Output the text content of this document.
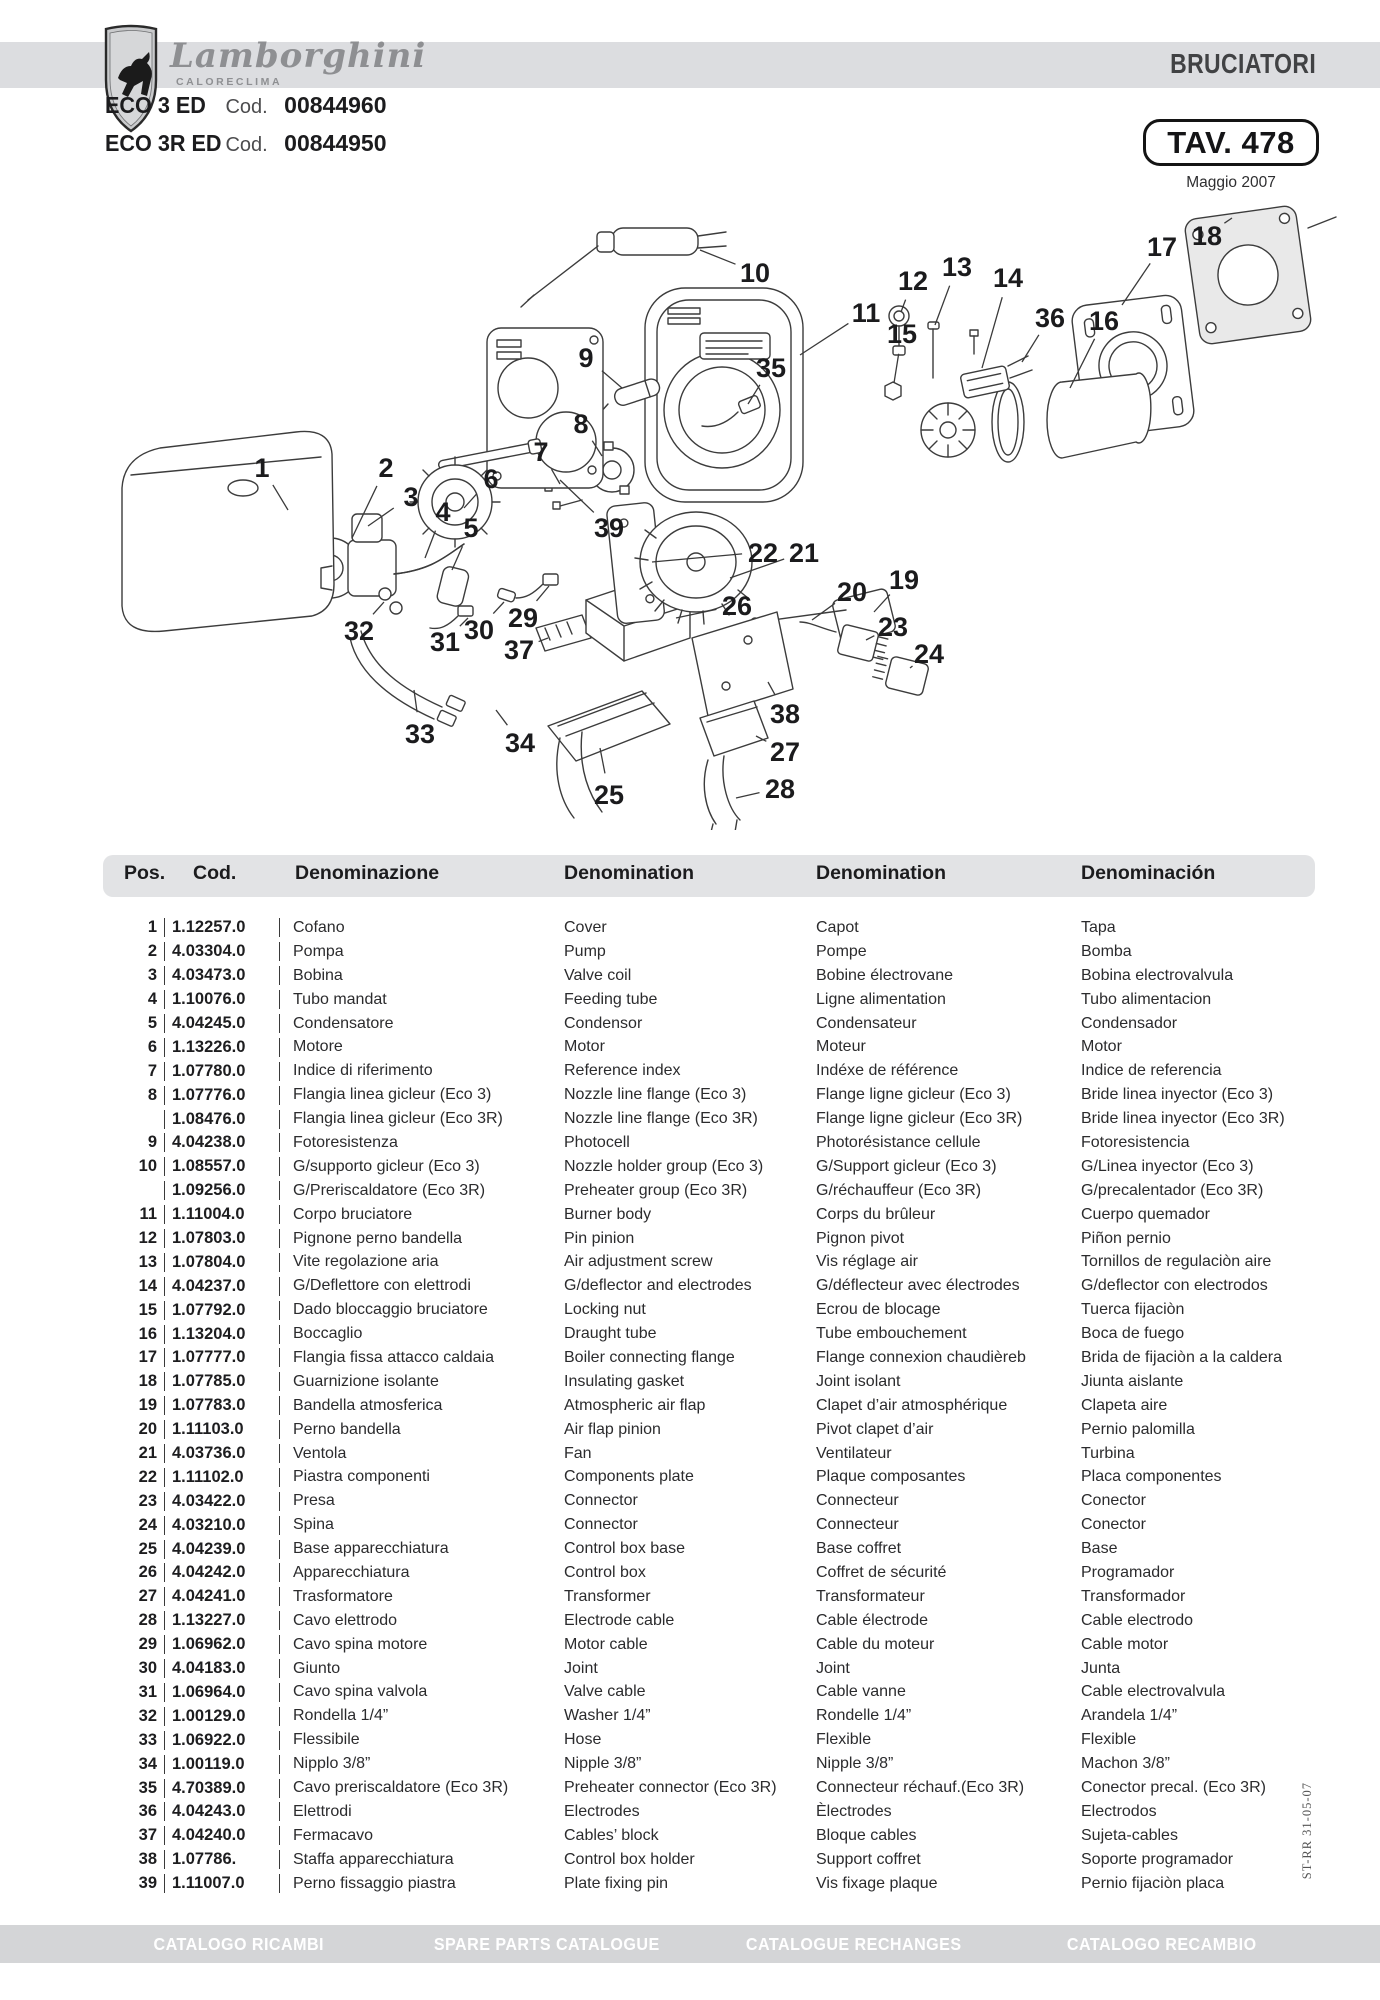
Lamborghini
CALORECLIMA
BRUCIATORI
ECO 3 ED Cod. 00844960
ECO 3R ED Cod. 00844950	TAV. 478
Maggio 2007
1	2
3 4
5
6
7
8
9
10
11
12 13 14
15	16
17 18
19
20
21
22
23
24
25
26
27
28
29
30
31
32
33	34
35
36
37
38
39
Pos. Cod.	Denominazione	Denomination	Denomination	Denominación
1 1.12257.0	Cofano	Cover	Capot	Tapa
2 4.03304.0	Pompa	Pump	Pompe	Bomba
3 4.03473.0	Bobina	Valve coil	Bobine électrovane	Bobina electrovalvula
4 1.10076.0	Tubo mandat	Feeding tube	Ligne alimentation	Tubo alimentacion
5 4.04245.0	Condensatore	Condensor	Condensateur	Condensador
6 1.13226.0	Motore	Motor	Moteur	Motor
7 1.07780.0	Indice di riferimento	Reference index	Indéxe de référence	Indice de referencia
8 1.07776.0	Flangia linea gicleur (Eco 3)	Nozzle line flange (Eco 3)	Flange ligne gicleur (Eco 3)	Bride linea inyector (Eco 3)
1.08476.0	Flangia linea gicleur (Eco 3R)	Nozzle line flange (Eco 3R)	Flange ligne gicleur (Eco 3R)	Bride linea inyector (Eco 3R)
9 4.04238.0	Fotoresistenza	Photocell	Photorésistance cellule	Fotoresistencia
10 1.08557.0	G/supporto gicleur (Eco 3)	Nozzle holder group (Eco 3)	G/Support gicleur (Eco 3)	G/Linea inyector (Eco 3)
1.09256.0	G/Preriscaldatore (Eco 3R)	Preheater group (Eco 3R)	G/réchauffeur (Eco 3R)	G/precalentador (Eco 3R)
11 1.11004.0	Corpo bruciatore	Burner body	Corps du brûleur	Cuerpo quemador
12 1.07803.0	Pignone perno bandella	Pin pinion	Pignon pivot	Piñon pernio
13 1.07804.0	Vite regolazione aria	Air adjustment screw	Vis réglage air	Tornillos de regulaciòn aire
14 4.04237.0	G/Deflettore con elettrodi	G/deflector and electrodes	G/déflecteur avec électrodes	G/deflector con electrodos
15 1.07792.0	Dado bloccaggio bruciatore	Locking nut	Ecrou de blocage	Tuerca fijaciòn
16 1.13204.0	Boccaglio	Draught tube	Tube embouchement	Boca de fuego
17 1.07777.0	Flangia fissa attacco caldaia	Boiler connecting flange	Flange connexion chaudièreb	Brida de fijaciòn a la caldera
18 1.07785.0	Guarnizione isolante	Insulating gasket	Joint isolant	Jiunta aislante
19 1.07783.0	Bandella atmosferica	Atmospheric air flap	Clapet d’air atmosphérique	Clapeta aire
20 1.11103.0	Perno bandella	Air flap pinion	Pivot clapet d’air	Pernio palomilla
21 4.03736.0	Ventola	Fan	Ventilateur	Turbina
22 1.11102.0	Piastra componenti	Components plate	Plaque composantes	Placa componentes
23 4.03422.0	Presa	Connector	Connecteur	Conector
24 4.03210.0	Spina	Connector	Connecteur	Conector
25 4.04239.0	Base apparecchiatura	Control box base	Base coffret	Base
26 4.04242.0	Apparecchiatura	Control box	Coffret de sécurité	Programador
27 4.04241.0	Trasformatore	Transformer	Transformateur	Transformador
28 1.13227.0	Cavo elettrodo	Electrode cable	Cable électrode	Cable electrodo
29 1.06962.0	Cavo spina motore	Motor cable	Cable du moteur	Cable motor
30 4.04183.0	Giunto	Joint	Joint	Junta
31 1.06964.0	Cavo spina valvola	Valve cable	Cable vanne	Cable electrovalvula
32 1.00129.0	Rondella 1/4”	Washer 1/4”	Rondelle 1/4”	Arandela 1/4”
33 1.06922.0	Flessibile	Hose	Flexible	Flexible
34 1.00119.0	Nipplo 3/8”	Nipple 3/8”	Nipple 3/8”	Machon 3/8”
35 4.70389.0	Cavo preriscaldatore (Eco 3R)	Preheater connector (Eco 3R)	Connecteur réchauf.(Eco 3R)	Conector precal. (Eco 3R)
36 4.04243.0	Elettrodi	Electrodes	Èlectrodes	Electrodos
37 4.04240.0	Fermacavo	Cables’ block	Bloque cables	Sujeta-cables
38 1.07786.	Staffa apparecchiatura	Control box holder	Support coffret	Soporte programador
39 1.11007.0	Perno fissaggio piastra	Plate fixing pin	Vis fixage plaque	Pernio fijaciòn placa
ST-RR 31-05-07
CATALOGO RICAMBI	SPARE PARTS CATALOGUE	CATALOGUE RECHANGES	CATALOGO RECAMBIO
